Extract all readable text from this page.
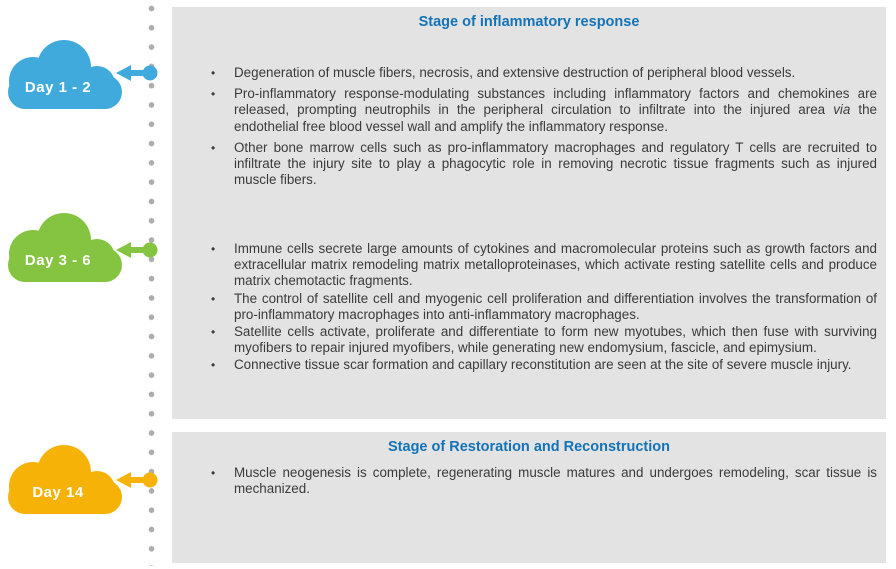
Day 1 - 2
Day 3 - 6
Day 14
Stage of inflammatory response
• Degeneration of muscle fibers, necrosis, and extensive destruction of peripheral blood vessels.
• Pro-inflammatory response-modulating substances including inflammatory factors and chemokines are released, prompting neutrophils in the peripheral circulation to infiltrate into the injured area via the endothelial free blood vessel wall and amplify the inflammatory response.
• Other bone marrow cells such as pro-inflammatory macrophages and regulatory T cells are recruited to infiltrate the injury site to play a phagocytic role in removing necrotic tissue fragments such as injured muscle fibers.
• Immune cells secrete large amounts of cytokines and macromolecular proteins such as growth factors and extracellular matrix remodeling matrix metalloproteinases, which activate resting satellite cells and produce matrix chemotactic fragments.
• The control of satellite cell and myogenic cell proliferation and differentiation involves the transformation of pro-inflammatory macrophages into anti-inflammatory macrophages.
• Satellite cells activate, proliferate and differentiate to form new myotubes, which then fuse with surviving myofibers to repair injured myofibers, while generating new endomysium, fascicle, and epimysium.
• Connective tissue scar formation and capillary reconstitution are seen at the site of severe muscle injury.
Stage of Restoration and Reconstruction
• Muscle neogenesis is complete, regenerating muscle matures and undergoes remodeling, scar tissue is mechanized.
